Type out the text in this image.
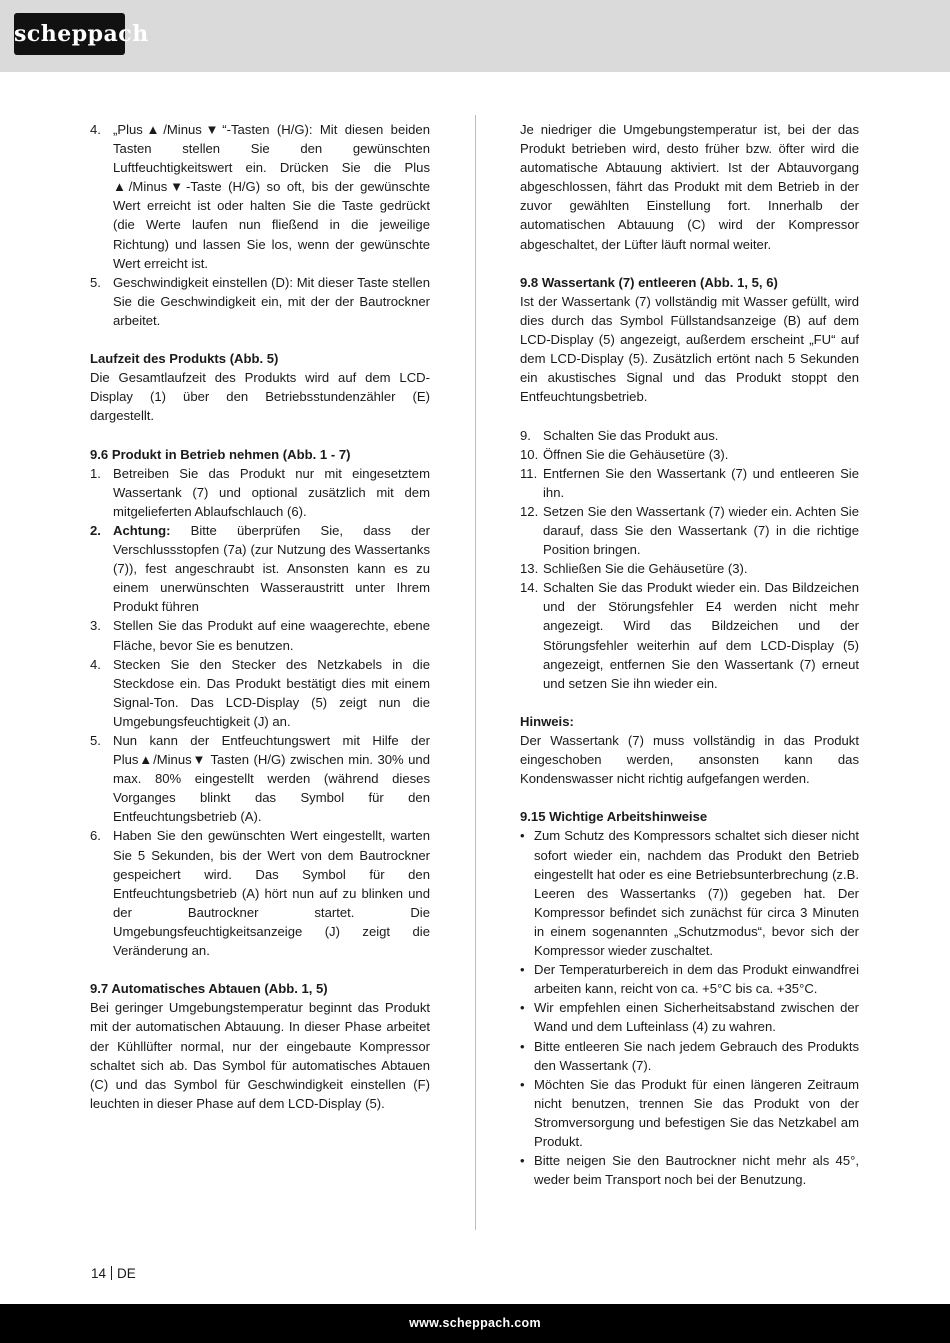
scheppach
4. „Plus▲/Minus▼“-Tasten (H/G): Mit diesen beiden Tasten stellen Sie den gewünschten Luftfeuchtigkeitswert ein. Drücken Sie die Plus ▲/Minus▼-Taste (H/G) so oft, bis der gewünschte Wert erreicht ist oder halten Sie die Taste gedrückt (die Werte laufen nun fließend in die jeweilige Richtung) und lassen Sie los, wenn der gewünschte Wert erreicht ist.
5. Geschwindigkeit einstellen (D): Mit dieser Taste stellen Sie die Geschwindigkeit ein, mit der der Bautrockner arbeitet.

Laufzeit des Produkts (Abb. 5)

Die Gesamtlaufzeit des Produkts wird auf dem LCD-Display (1) über den Betriebsstundenzähler (E) dargestellt.

9.6 Produkt in Betrieb nehmen (Abb. 1 - 7)

1. Betreiben Sie das Produkt nur mit eingesetztem Wassertank (7) und optional zusätzlich mit dem mitgelieferten Ablaufschlauch (6).
2. Achtung: Bitte überprüfen Sie, dass der Verschlussstopfen (7a) (zur Nutzung des Wassertanks (7)), fest angeschraubt ist. Ansonsten kann es zu einem unerwünschten Wasseraustritt unter Ihrem Produkt führen
3. Stellen Sie das Produkt auf eine waagerechte, ebene Fläche, bevor Sie es benutzen.
4. Stecken Sie den Stecker des Netzkabels in die Steckdose ein. Das Produkt bestätigt dies mit einem Signal-Ton. Das LCD-Display (5) zeigt nun die Umgebungsfeuchtigkeit (J) an.
5. Nun kann der Entfeuchtungswert mit Hilfe der Plus▲/Minus▼ Tasten (H/G) zwischen min. 30% und max. 80% eingestellt werden (während dieses Vorganges blinkt das Symbol für den Entfeuchtungsbetrieb (A).
6. Haben Sie den gewünschten Wert eingestellt, warten Sie 5 Sekunden, bis der Wert von dem Bautrockner gespeichert wird. Das Symbol für den Entfeuchtungsbetrieb (A) hört nun auf zu blinken und der Bautrockner startet. Die Umgebungsfeuchtigkeitsanzeige (J) zeigt die Veränderung an.

9.7 Automatisches Abtauen (Abb. 1, 5)

Bei geringer Umgebungstemperatur beginnt das Produkt mit der automatischen Abtauung. In dieser Phase arbeitet der Kühllüfter normal, nur der eingebaute Kompressor schaltet sich ab. Das Symbol für automatisches Abtauen (C) und das Symbol für Geschwindigkeit einstellen (F) leuchten in dieser Phase auf dem LCD-Display (5).

Je niedriger die Umgebungstemperatur ist, bei der das Produkt betrieben wird, desto früher bzw. öfter wird die automatische Abtauung aktiviert. Ist der Abtauvorgang abgeschlossen, fährt das Produkt mit dem Betrieb in der zuvor gewählten Einstellung fort. Innerhalb der automatischen Abtauung (C) wird der Kompressor abgeschaltet, der Lüfter läuft normal weiter.

9.8 Wassertank (7) entleeren (Abb. 1, 5, 6)

Ist der Wassertank (7) vollständig mit Wasser gefüllt, wird dies durch das Symbol Füllstandsanzeige (B) auf dem LCD-Display (5) angezeigt, außerdem erscheint „FU“ auf dem LCD-Display (5). Zusätzlich ertönt nach 5 Sekunden ein akustisches Signal und das Produkt stoppt den Entfeuchtungsbetrieb.

9. Schalten Sie das Produkt aus.
10. Öffnen Sie die Gehäusetüre (3).
11. Entfernen Sie den Wassertank (7) und entleeren Sie ihn.
12. Setzen Sie den Wassertank (7) wieder ein. Achten Sie darauf, dass Sie den Wassertank (7) in die richtige Position bringen.
13. Schließen Sie die Gehäusetüre (3).
14. Schalten Sie das Produkt wieder ein. Das Bildzeichen und der Störungsfehler E4 werden nicht mehr angezeigt. Wird das Bildzeichen und der Störungsfehler weiterhin auf dem LCD-Display (5) angezeigt, entfernen Sie den Wassertank (7) erneut und setzen Sie ihn wieder ein.

Hinweis:

Der Wassertank (7) muss vollständig in das Produkt eingeschoben werden, ansonsten kann das Kondenswasser nicht richtig aufgefangen werden.

9.15 Wichtige Arbeitshinweise

• Zum Schutz des Kompressors schaltet sich dieser nicht sofort wieder ein, nachdem das Produkt den Betrieb eingestellt hat oder es eine Betriebsunterbrechung (z.B. Leeren des Wassertanks (7)) gegeben hat. Der Kompressor befindet sich zunächst für circa 3 Minuten in einem sogenannten „Schutzmodus“, bevor sich der Kompressor wieder zuschaltet.
• Der Temperaturbereich in dem das Produkt einwandfrei arbeiten kann, reicht von ca. +5°C bis ca. +35°C.
• Wir empfehlen einen Sicherheitsabstand zwischen der Wand und dem Lufteinlass (4) zu wahren.
• Bitte entleeren Sie nach jedem Gebrauch des Produkts den Wassertank (7).
• Möchten Sie das Produkt für einen längeren Zeitraum nicht benutzen, trennen Sie das Produkt von der Stromversorgung und befestigen Sie das Netzkabel am Produkt.
• Bitte neigen Sie den Bautrockner nicht mehr als 45°, weder beim Transport noch bei der Benutzung.
14 DE
www.scheppach.com
